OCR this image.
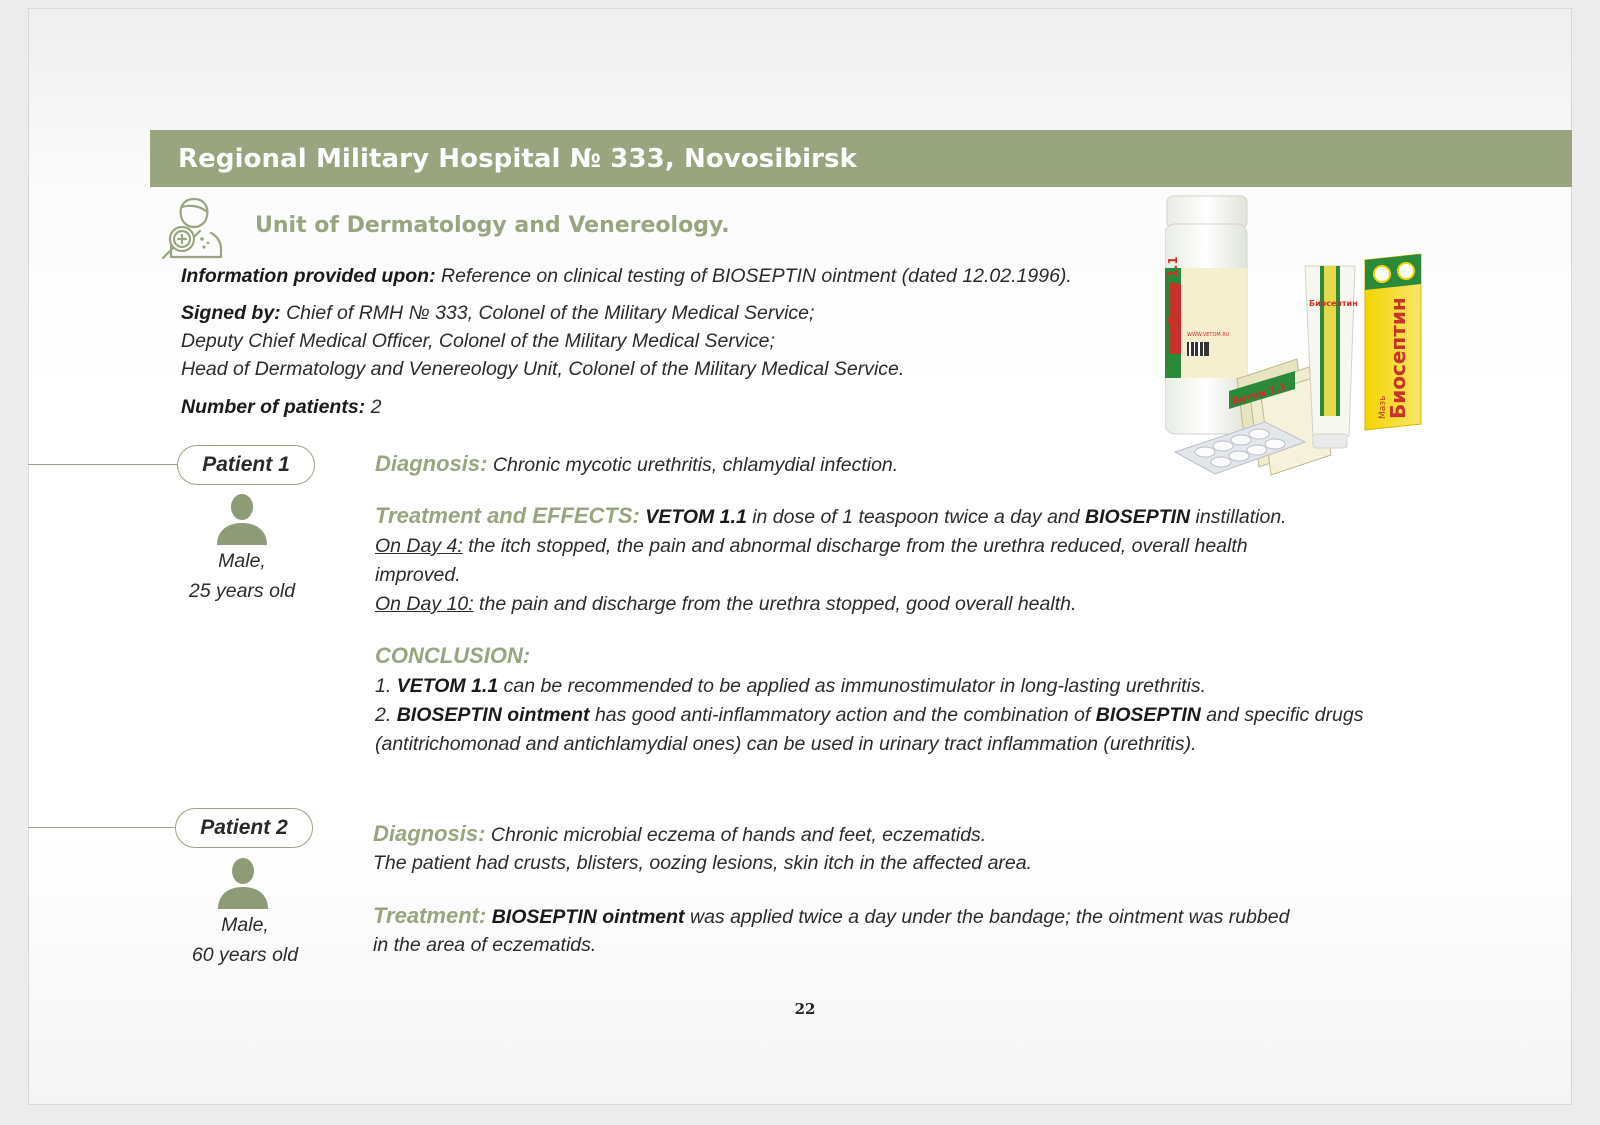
Regional Military Hospital № 333, Novosibirsk
Unit of Dermatology and Venereology.
Information provided upon: Reference on clinical testing of BIOSEPTIN ointment (dated 12.02.1996).
Signed by: Chief of RMH № 333, Colonel of the Military Medical Service;
Deputy Chief Medical Officer, Colonel of the Military Medical Service;
Head of Dermatology and Venereology Unit, Colonel of the Military Medical Service.
Number of patients: 2
Ветом 1.1
WWW.VETOM.RU
Ветом 1.1
Биосептин Биосептин
Мазь
Patient 1
Male,
25 years old
Diagnosis: Chronic mycotic urethritis, chlamydial infection.
Treatment and EFFECTS: VETOM 1.1 in dose of 1 teaspoon twice a day and BIOSEPTIN instillation.
On Day 4: the itch stopped, the pain and abnormal discharge from the urethra reduced, overall health
improved.
On Day 10: the pain and discharge from the urethra stopped, good overall health.
CONCLUSION:
1. VETOM 1.1 can be recommended to be applied as immunostimulator in long-lasting urethritis.
2. BIOSEPTIN ointment has good anti-inflammatory action and the combination of BIOSEPTIN and specific drugs
(antitrichomonad and antichlamydial ones) can be used in urinary tract inflammation (urethritis).
Patient 2
Male,
60 years old
Diagnosis: Chronic microbial eczema of hands and feet, eczematids.
The patient had crusts, blisters, oozing lesions, skin itch in the affected area.
Treatment: BIOSEPTIN ointment was applied twice a day under the bandage; the ointment was rubbed
in the area of eczematids.
22
